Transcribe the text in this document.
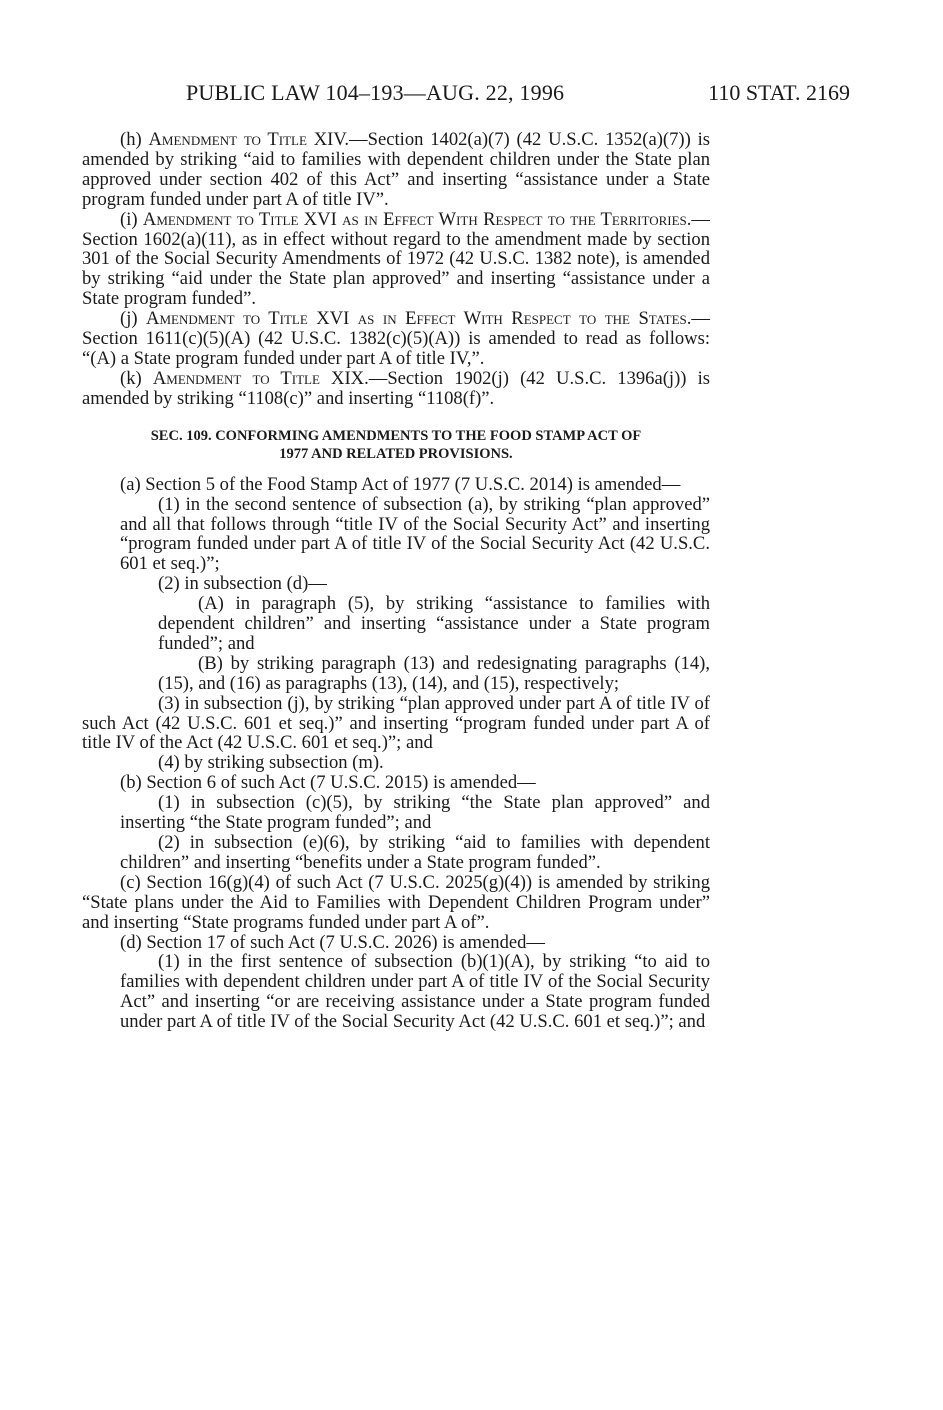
PUBLIC LAW 104–193—AUG. 22, 1996	110 STAT. 2169

(h) Amendment to Title XIV.—Section 1402(a)(7) (42 U.S.C. 1352(a)(7)) is amended by striking “aid to families with dependent children under the State plan approved under section 402 of this Act” and inserting “assistance under a State program funded under part A of title IV”.

(i) Amendment to Title XVI as in Effect With Respect to the Territories.—Section 1602(a)(11), as in effect without regard to the amendment made by section 301 of the Social Security Amendments of 1972 (42 U.S.C. 1382 note), is amended by striking “aid under the State plan approved” and inserting “assistance under a State program funded”.

(j) Amendment to Title XVI as in Effect With Respect to the States.—Section 1611(c)(5)(A) (42 U.S.C. 1382(c)(5)(A)) is amended to read as follows: “(A) a State program funded under part A of title IV,”.

(k) Amendment to Title XIX.—Section 1902(j) (42 U.S.C. 1396a(j)) is amended by striking “1108(c)” and inserting “1108(f)”.

SEC. 109. CONFORMING AMENDMENTS TO THE FOOD STAMP ACT OF
1977 AND RELATED PROVISIONS.

(a) Section 5 of the Food Stamp Act of 1977 (7 U.S.C. 2014) is amended—

(1) in the second sentence of subsection (a), by striking “plan approved” and all that follows through “title IV of the Social Security Act” and inserting “program funded under part A of title IV of the Social Security Act (42 U.S.C. 601 et seq.)”;

(2) in subsection (d)—

(A) in paragraph (5), by striking “assistance to families with dependent children” and inserting “assistance under a State program funded”; and

(B) by striking paragraph (13) and redesignating paragraphs (14), (15), and (16) as paragraphs (13), (14), and (15), respectively;

(3) in subsection (j), by striking “plan approved under part A of title IV of such Act (42 U.S.C. 601 et seq.)” and inserting “program funded under part A of title IV of the Act (42 U.S.C. 601 et seq.)”; and

(4) by striking subsection (m).

(b) Section 6 of such Act (7 U.S.C. 2015) is amended—

(1) in subsection (c)(5), by striking “the State plan approved” and inserting “the State program funded”; and

(2) in subsection (e)(6), by striking “aid to families with dependent children” and inserting “benefits under a State program funded”.

(c) Section 16(g)(4) of such Act (7 U.S.C. 2025(g)(4)) is amended by striking “State plans under the Aid to Families with Dependent Children Program under” and inserting “State programs funded under part A of”.

(d) Section 17 of such Act (7 U.S.C. 2026) is amended—

(1) in the first sentence of subsection (b)(1)(A), by striking “to aid to families with dependent children under part A of title IV of the Social Security Act” and inserting “or are receiving assistance under a State program funded under part A of title IV of the Social Security Act (42 U.S.C. 601 et seq.)”; and
